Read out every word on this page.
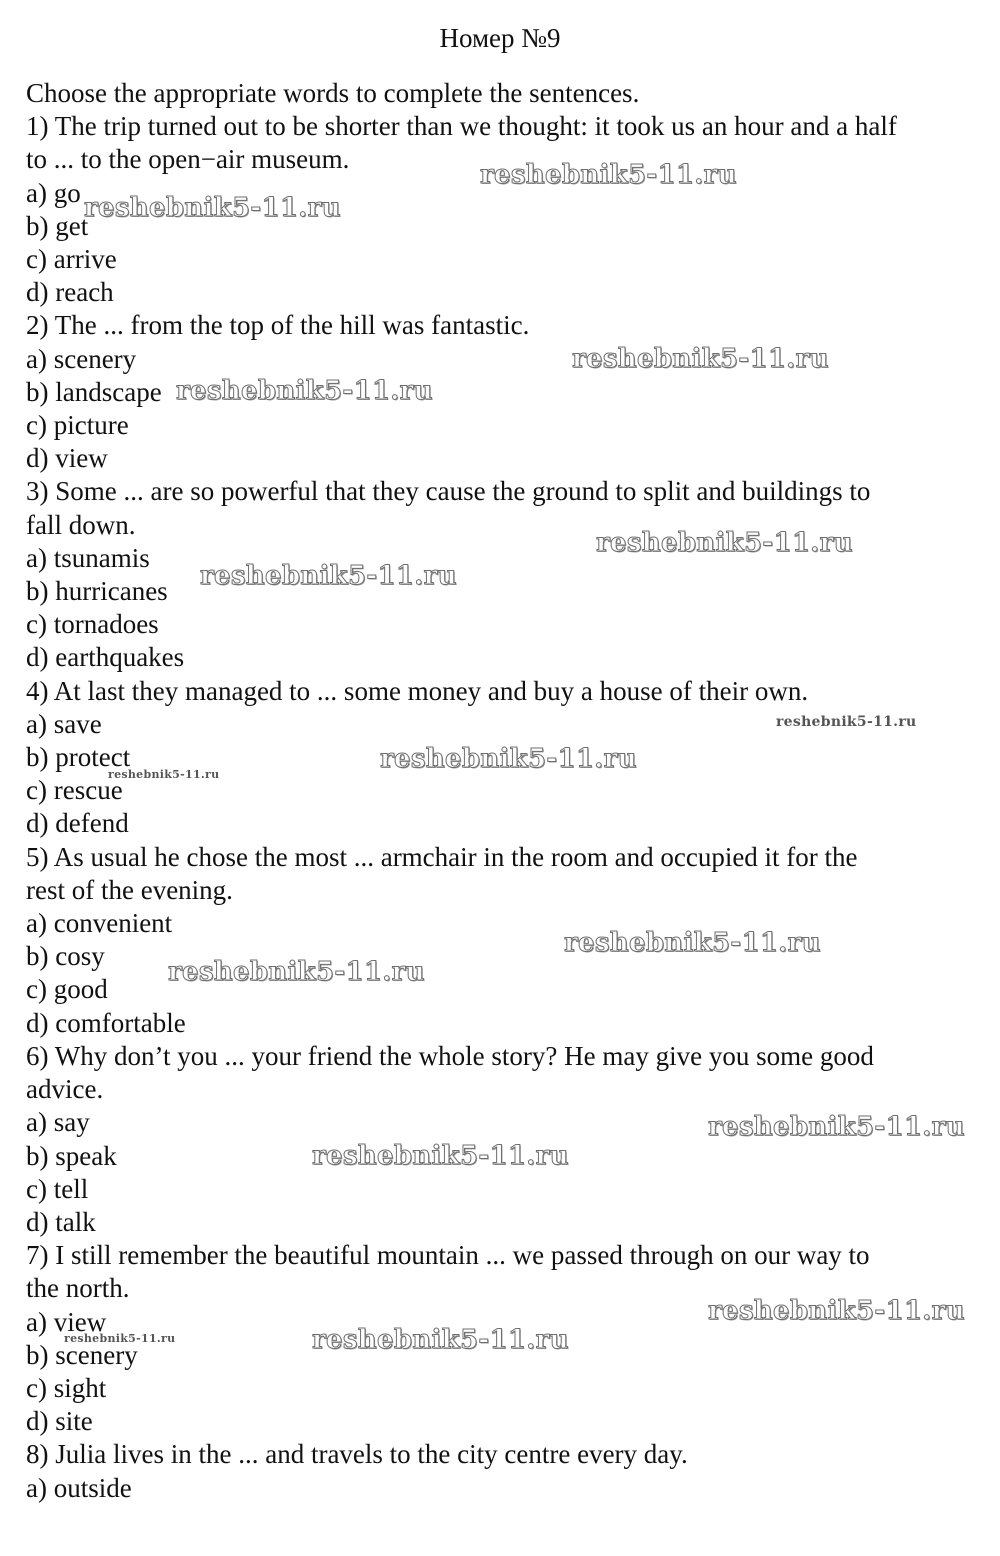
Номер №9
Choose the appropriate words to complete the sentences.
1) The trip turned out to be shorter than we thought: it took us an hour and a half
to ... to the open−air museum.
a) go
b) get
c) arrive
d) reach
2) The ... from the top of the hill was fantastic.
a) scenery
b) landscape
c) picture
d) view
3) Some ... are so powerful that they cause the ground to split and buildings to
fall down.
a) tsunamis
b) hurricanes
c) tornadoes
d) earthquakes
4) At last they managed to ... some money and buy a house of their own.
a) save
b) protect
c) rescue
d) defend
5) As usual he chose the most ... armchair in the room and occupied it for the
rest of the evening.
a) convenient
b) cosy
c) good
d) comfortable
6) Why don’t you ... your friend the whole story? He may give you some good
advice.
a) say
b) speak
c) tell
d) talk
7) I still remember the beautiful mountain ... we passed through on our way to
the north.
a) view
b) scenery
c) sight
d) site
8) Julia lives in the ... and travels to the city centre every day.
a) outside
reshebnik5-11.ru
reshebnik5-11.ru
reshebnik5-11.ru
reshebnik5-11.ru
reshebnik5-11.ru
reshebnik5-11.ru
reshebnik5-11.ru
reshebnik5-11.ru
reshebnik5-11.ru
reshebnik5-11.ru
reshebnik5-11.ru
reshebnik5-11.ru
reshebnik5-11.ru
reshebnik5-11.ru
reshebnik5-11.ru	reshebnik5-11.ru
